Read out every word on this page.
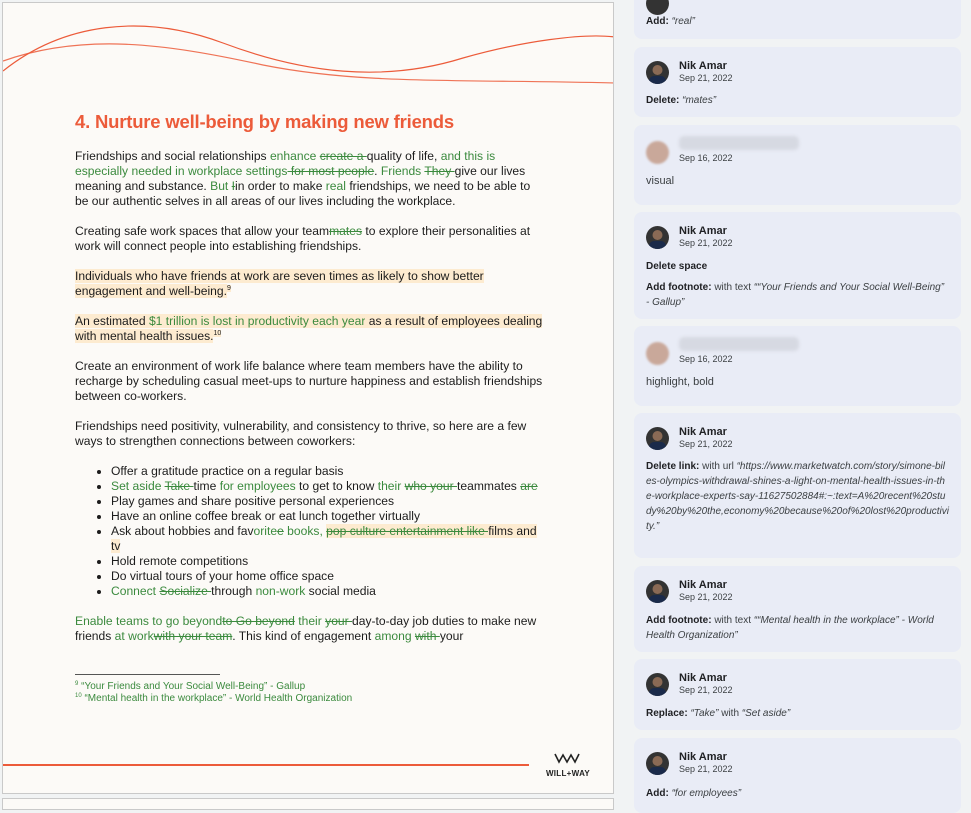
4. Nurture well-being by making new friends

Friendships and social relationships enhance create a quality of life, and this is especially needed in workplace settings for most people. Friends They give our lives meaning and substance. But Iin order to make real friendships, we need to be able to be our authentic selves in all areas of our lives including the workplace.

Creating safe work spaces that allow your teammates to explore their personalities at work will connect people into establishing friendships.

Individuals who have friends at work are seven times as likely to show better engagement and well-being.$^9$

An estimated $1 trillion is lost in productivity each year as a result of employees dealing with mental health issues.$^{10}$

Create an environment of work life balance where team members have the ability to recharge by scheduling casual meet-ups to nurture happiness and establish friendships between co-workers.

Friendships need positivity, vulnerability, and consistency to thrive, so here are a few ways to strengthen connections between coworkers:

• Offer a gratitude practice on a regular basis
• Set aside Take time for employees to get to know their who your teammates are
• Play games and share positive personal experiences
• Have an online coffee break or eat lunch together virtually
• Ask about hobbies and favoritee books, pop culture entertainment like films and tv
• Hold remote competitions
• Do virtual tours of your home office space
• Connect Socialize through non-work social media

Enable teams to go beyondto Go beyond their your day-to-day job duties to make new friends at workwith your team. This kind of engagement among with your

$^9$ “Your Friends and Your Social Well-Being” - Gallup
$^{10}$ “Mental health in the workplace” - World Health Organization
WILL+WAY
Add: “real”
Nik Amar
Sep 21, 2022
Delete: “mates”
Sep 16, 2022
visual
Nik Amar
Sep 21, 2022
Delete space
Add footnote: with text ““Your Friends and Your Social Well-Being” - Gallup”
Sep 16, 2022
highlight, bold
Nik Amar
Sep 21, 2022
Delete link: with url “https://www.marketwatch.com/story/simone-biles-olympics-withdrawal-shines-a-light-on-mental-health-issues-in-the-workplace-experts-say-11627502884#:~:text=A%20recent%20study%20by%20the,economy%20because%20of%20lost%20productivity.”
Nik Amar
Sep 21, 2022
Add footnote: with text ““Mental health in the workplace” - World Health Organization”
Nik Amar
Sep 21, 2022
Replace: “Take” with “Set aside”
Nik Amar
Sep 21, 2022
Add: “for employees”
